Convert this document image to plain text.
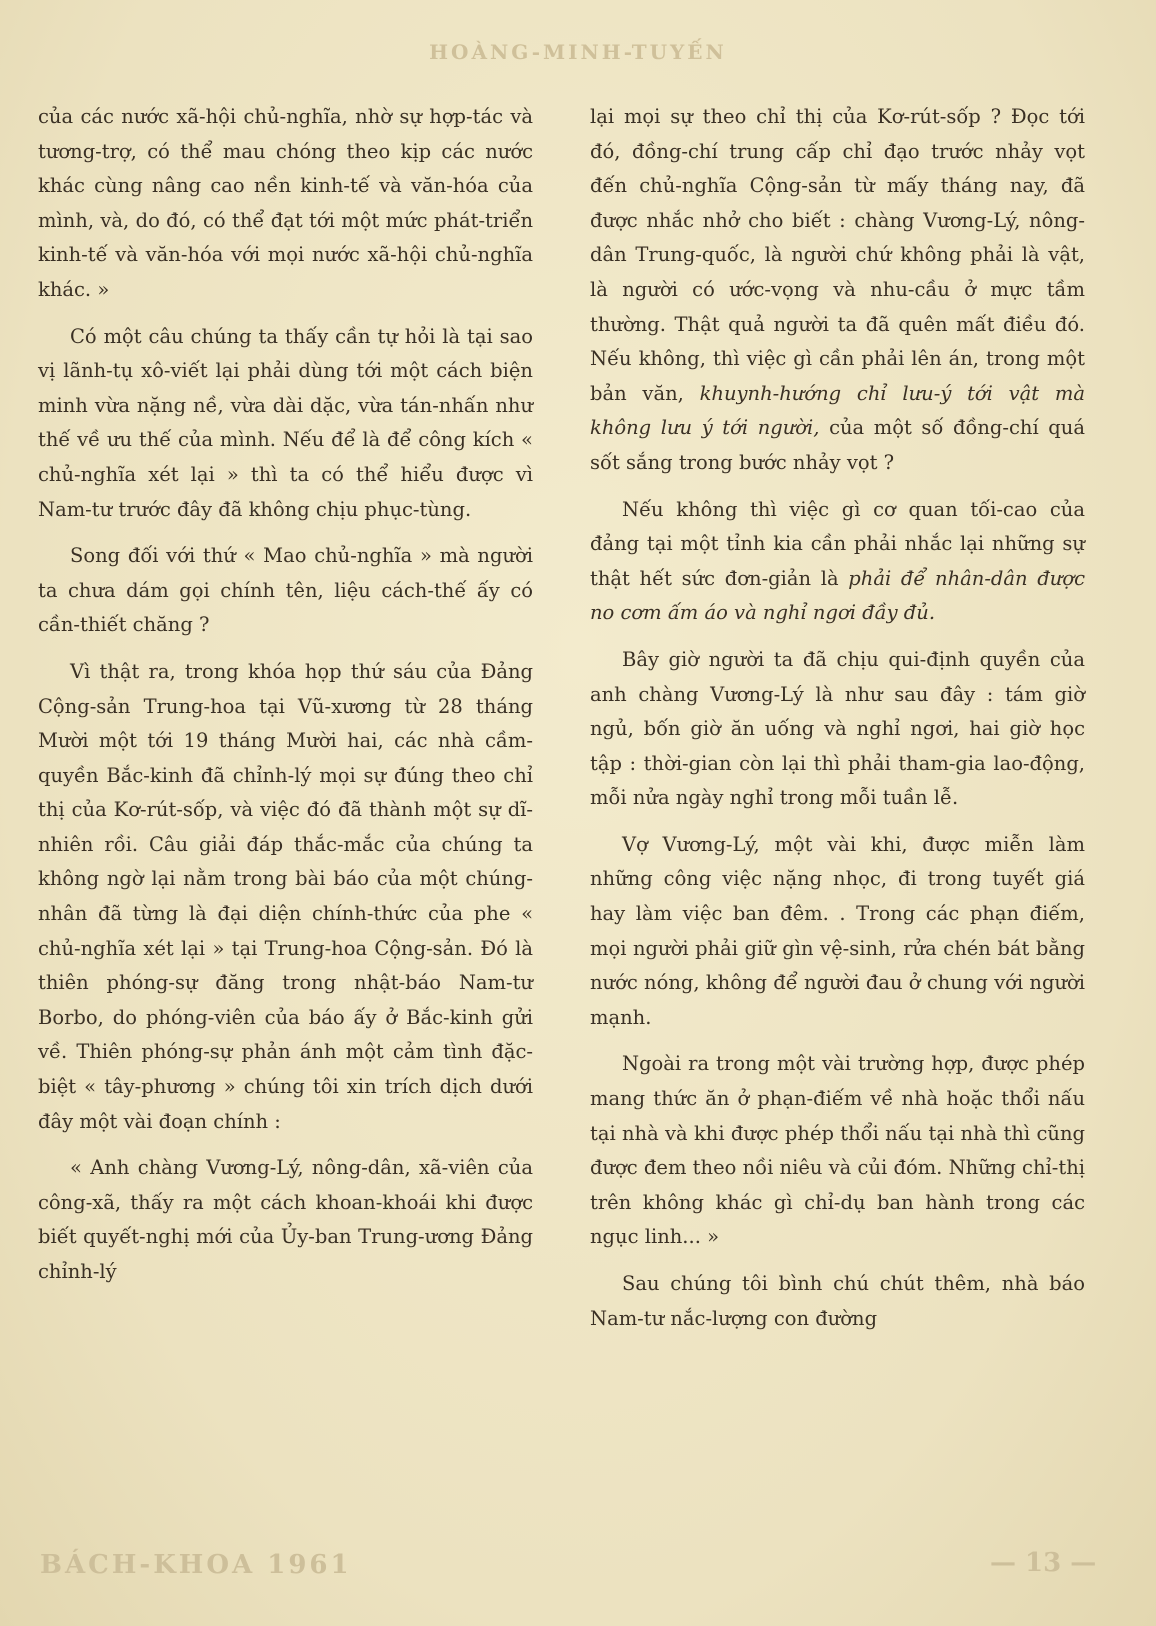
HOÀNG-MINH-TUYẾN

của các nước xã-hội chủ-nghĩa, nhờ sự hợp-tác và tương-trợ, có thể mau chóng theo kịp các nước khác cùng nâng cao nền kinh-tế và văn-hóa của mình, và, do đó, có thể đạt tới một mức phát-triển kinh-tế và văn-hóa với mọi nước xã-hội chủ-nghĩa khác. »

Có một câu chúng ta thấy cần tự hỏi là tại sao vị lãnh-tụ xô-viết lại phải dùng tới một cách biện minh vừa nặng nề, vừa dài dặc, vừa tán-nhấn như thế về ưu thế của mình. Nếu để là để công kích « chủ-nghĩa xét lại » thì ta có thể hiểu được vì Nam-tư trước đây đã không chịu phục-tùng.

Song đối với thứ « Mao chủ-nghĩa » mà người ta chưa dám gọi chính tên, liệu cách-thế ấy có cần-thiết chăng ?

Vì thật ra, trong khóa họp thứ sáu của Đảng Cộng-sản Trung-hoa tại Vũ-xương từ 28 tháng Mười một tới 19 tháng Mười hai, các nhà cầm-quyền Bắc-kinh đã chỉnh-lý mọi sự đúng theo chỉ thị của Kơ-rút-sốp, và việc đó đã thành một sự dĩ-nhiên rồi. Câu giải đáp thắc-mắc của chúng ta không ngờ lại nằm trong bài báo của một chúng-nhân đã từng là đại diện chính-thức của phe « chủ-nghĩa xét lại » tại Trung-hoa Cộng-sản. Đó là thiên phóng-sự đăng trong nhật-báo Nam-tư Borbo, do phóng-viên của báo ấy ở Bắc-kinh gửi về. Thiên phóng-sự phản ánh một cảm tình đặc-biệt « tây-phương » chúng tôi xin trích dịch dưới đây một vài đoạn chính :

« Anh chàng Vương-Lý, nông-dân, xã-viên của công-xã, thấy ra một cách khoan-khoái khi được biết quyết-nghị mới của Ủy-ban Trung-ương Đảng chỉnh-lý

lại mọi sự theo chỉ thị của Kơ-rút-sốp ? Đọc tới đó, đồng-chí trung cấp chỉ đạo trước nhảy vọt đến chủ-nghĩa Cộng-sản từ mấy tháng nay, đã được nhắc nhở cho biết : chàng Vương-Lý, nông-dân Trung-quốc, là người chứ không phải là vật, là người có ước-vọng và nhu-cầu ở mực tầm thường. Thật quả người ta đã quên mất điều đó. Nếu không, thì việc gì cần phải lên án, trong một bản văn, khuynh-hướng chỉ lưu-ý tới vật mà không lưu ý tới người, của một số đồng-chí quá sốt sắng trong bước nhảy vọt ?

Nếu không thì việc gì cơ quan tối-cao của đảng tại một tỉnh kia cần phải nhắc lại những sự thật hết sức đơn-giản là phải để nhân-dân được no cơm ấm áo và nghỉ ngơi đầy đủ.

Bây giờ người ta đã chịu qui-định quyền của anh chàng Vương-Lý là như sau đây : tám giờ ngủ, bốn giờ ăn uống và nghỉ ngơi, hai giờ học tập : thời-gian còn lại thì phải tham-gia lao-động, mỗi nửa ngày nghỉ trong mỗi tuần lễ.

Vợ Vương-Lý, một vài khi, được miễn làm những công việc nặng nhọc, đi trong tuyết giá hay làm việc ban đêm. . Trong các phạn điếm, mọi người phải giữ gìn vệ-sinh, rửa chén bát bằng nước nóng, không để người đau ở chung với người mạnh.

Ngoài ra trong một vài trường hợp, được phép mang thức ăn ở phạn-điếm về nhà hoặc thổi nấu tại nhà và khi được phép thổi nấu tại nhà thì cũng được đem theo nồi niêu và củi đóm. Những chỉ-thị trên không khác gì chỉ-dụ ban hành trong các ngục linh... »

Sau chúng tôi bình chú chút thêm, nhà báo Nam-tư nắc-lượng con đường

BÁCH-KHOA 1961	— 13 —
